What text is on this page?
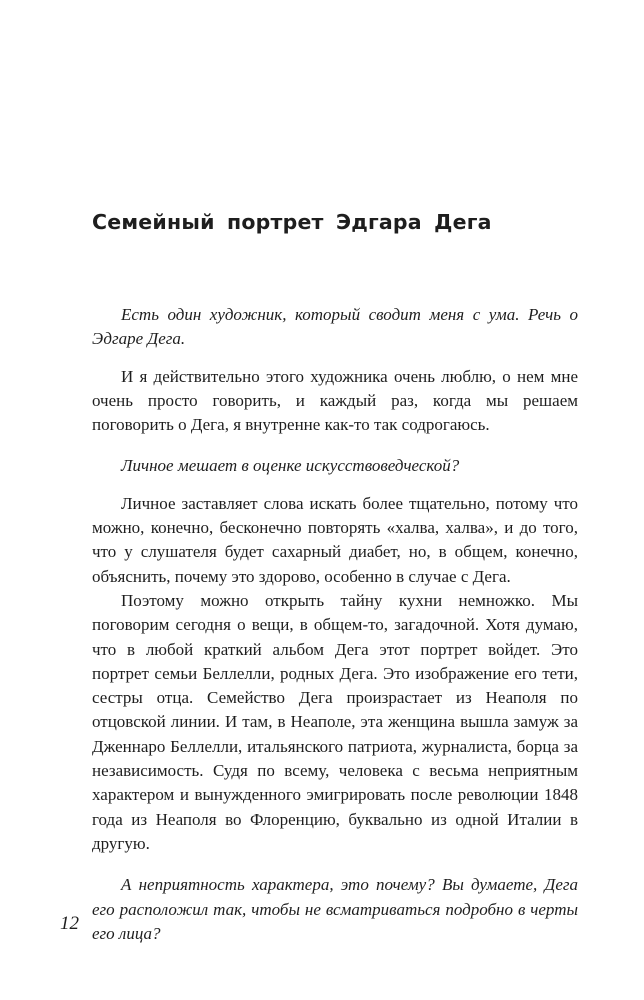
Семейный портрет Эдгара Дега

Есть один художник, который сводит меня с ума. Речь о Эдгаре Дега.

И я действительно этого художника очень люблю, о нем мне очень просто говорить, и каждый раз, когда мы решаем поговорить о Дега, я внутренне как-то так содрогаюсь.

Личное мешает в оценке искусствоведческой?

Личное заставляет слова искать более тщательно, потому что можно, конечно, бесконечно повторять «халва, халва», и до того, что у слушателя будет сахарный диабет, но, в общем, конечно, объяснить, почему это здорово, особенно в случае с Дега.

Поэтому можно открыть тайну кухни немножко. Мы поговорим сегодня о вещи, в общем-то, загадочной. Хотя думаю, что в любой краткий альбом Дега этот портрет войдет. Это портрет семьи Беллелли, родных Дега. Это изображение его тети, сестры отца. Семейство Дега произрастает из Неаполя по отцовской линии. И там, в Неаполе, эта женщина вышла замуж за Дженнаро Беллелли, итальянского патриота, журналиста, борца за независимость. Судя по всему, человека с весьма неприятным характером и вынужденного эмигрировать после революции 1848 года из Неаполя во Флоренцию, буквально из одной Италии в другую.

А неприятность характера, это почему? Вы думаете, Дега его расположил так, чтобы не всматриваться подробно в черты его лица?

12
